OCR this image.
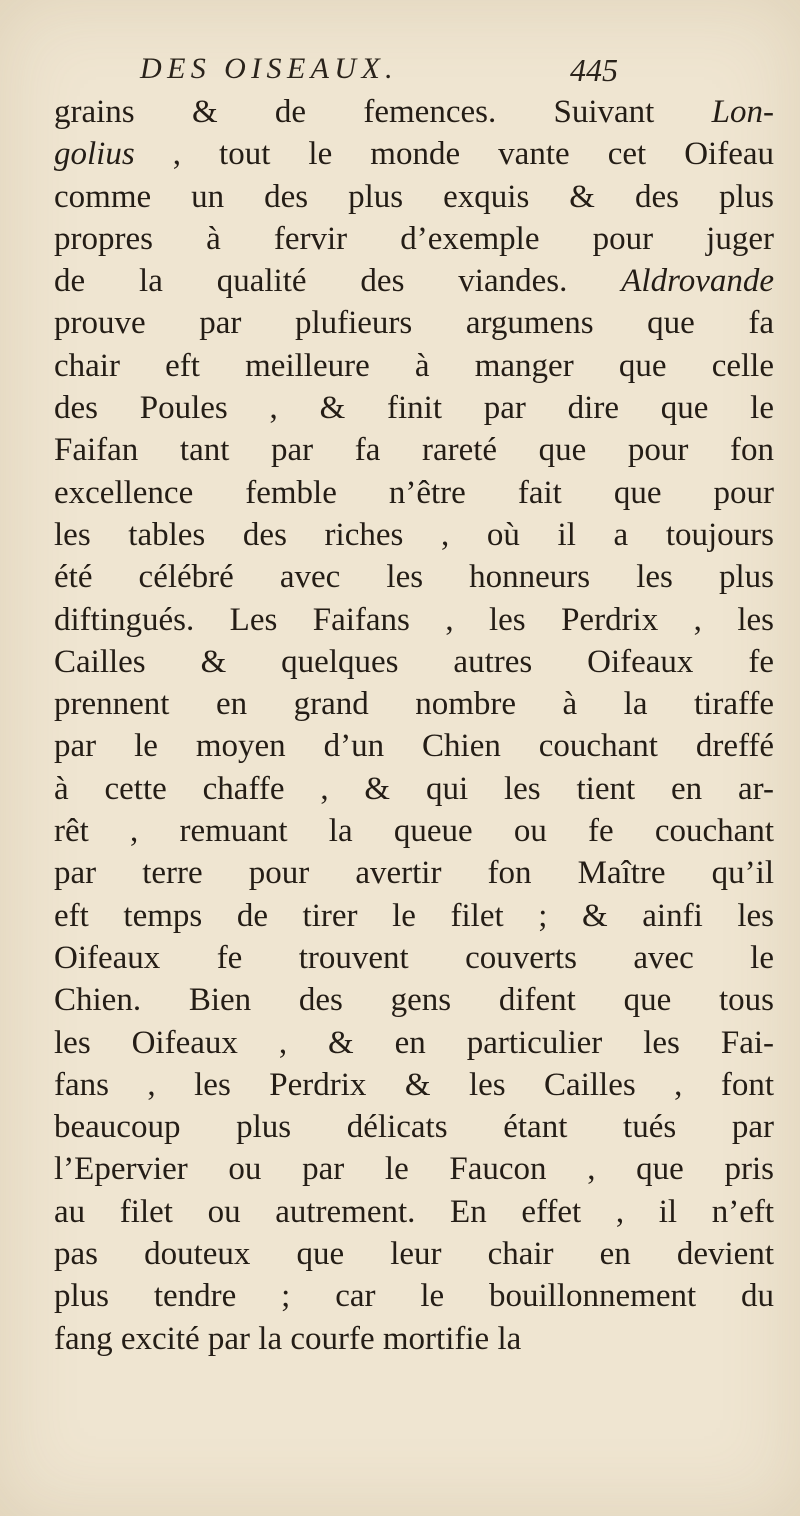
DES OISEAUX.	445
grains & de femences. Suivant Lon-
golius , tout le monde vante cet Oifeau
comme un des plus exquis & des plus
propres à fervir d’exemple pour juger
de la qualité des viandes. Aldrovande
prouve par plufieurs argumens que fa
chair eft meilleure à manger que celle
des Poules , & finit par dire que le
Faifan tant par fa rareté que pour fon
excellence femble n’être fait que pour
les tables des riches , où il a toujours
été célébré avec les honneurs les plus
diftingués. Les Faifans , les Perdrix , les
Cailles & quelques autres Oifeaux fe
prennent en grand nombre à la tiraffe
par le moyen d’un Chien couchant dreffé
à cette chaffe , & qui les tient en ar-
rêt , remuant la queue ou fe couchant
par terre pour avertir fon Maître qu’il
eft temps de tirer le filet ; & ainfi les
Oifeaux fe trouvent couverts avec le
Chien. Bien des gens difent que tous
les Oifeaux , & en particulier les Fai-
fans , les Perdrix & les Cailles , font
beaucoup plus délicats étant tués par
l’Epervier ou par le Faucon , que pris
au filet ou autrement. En effet , il n’eft
pas douteux que leur chair en devient
plus tendre ; car le bouillonnement du
fang excité par la courfe mortifie la
